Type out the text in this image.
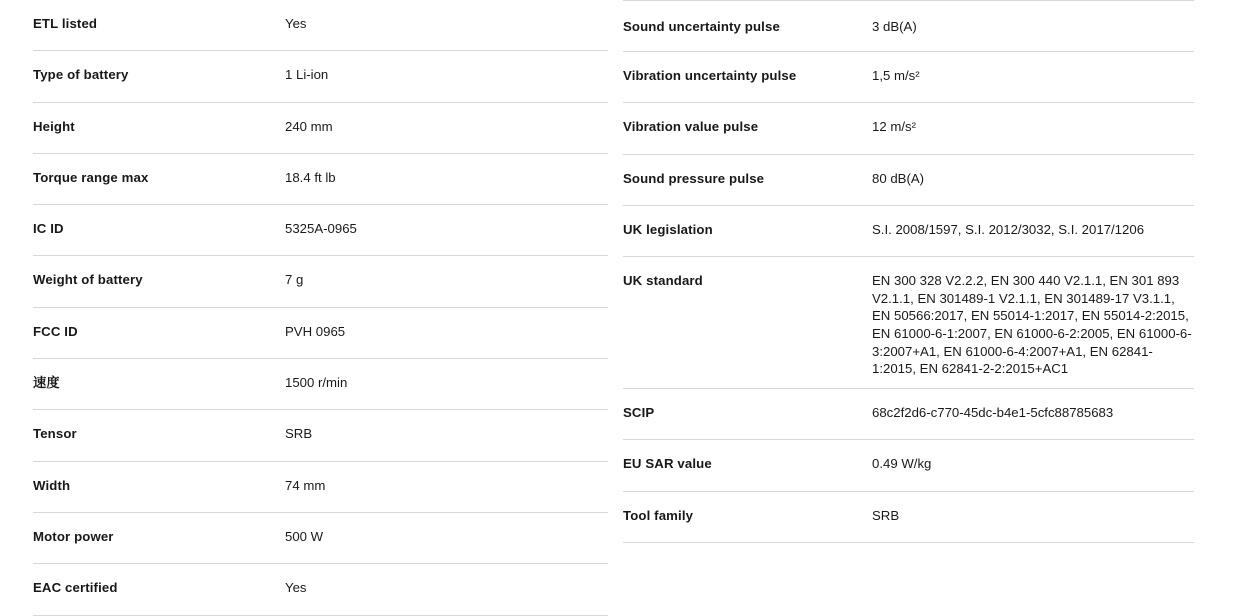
ETL listed	Yes
Type of battery	1 Li-ion
Height	240 mm
Torque range max	18.4 ft lb
IC ID	5325A-0965
Weight of battery	7 g
FCC ID	PVH 0965
速度	1500 r/min
Tensor	SRB
Width	74 mm
Motor power	500 W
EAC certified	Yes
Sound uncertainty pulse	3 dB(A)
Vibration uncertainty pulse	1,5 m/s²
Vibration value pulse	12 m/s²
Sound pressure pulse	80 dB(A)
UK legislation	S.I. 2008/1597, S.I. 2012/3032, S.I. 2017/1206
UK standard	EN 300 328 V2.2.2, EN 300 440 V2.1.1, EN 301 893 V2.1.1, EN 301489-1 V2.1.1, EN 301489-17 V3.1.1, EN 50566:2017, EN 55014-1:2017, EN 55014-2:2015, EN 61000-6-1:2007, EN 61000-6-2:2005, EN 61000-6-3:2007+A1, EN 61000-6-4:2007+A1, EN 62841-1:2015, EN 62841-2-2:2015+AC1
SCIP	68c2f2d6-c770-45dc-b4e1-5cfc88785683
EU SAR value	0.49 W/kg
Tool family	SRB
